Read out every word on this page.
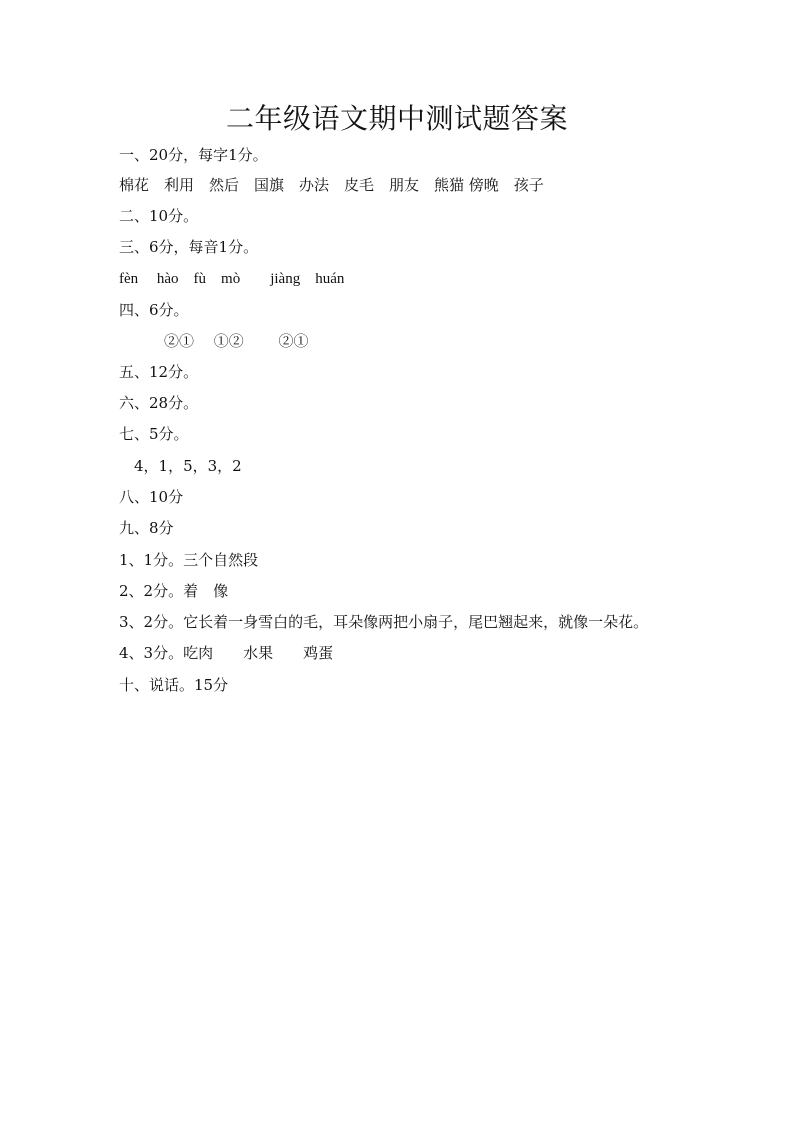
二年级语文期中测试题答案
一、20分，每字1分。
棉花　利用　然后　国旗　办法　皮毛　朋友　熊猫 傍晚　孩子
二、10分。
三、6分，每音1分。
fèn　 hào　fù　mò　　jiàng　huán
四、6分。
　　　②①　 ①②　　 ②①
五、12分。
六、28分。
七、5分。
　4，1，5，3，2
八、10分
九、8分
1、1分。三个自然段
2、2分。着　像
3、2分。它长着一身雪白的毛，耳朵像两把小扇子，尾巴翘起来，就像一朵花。
4、3分。吃肉　　水果　　鸡蛋
十、说话。15分
